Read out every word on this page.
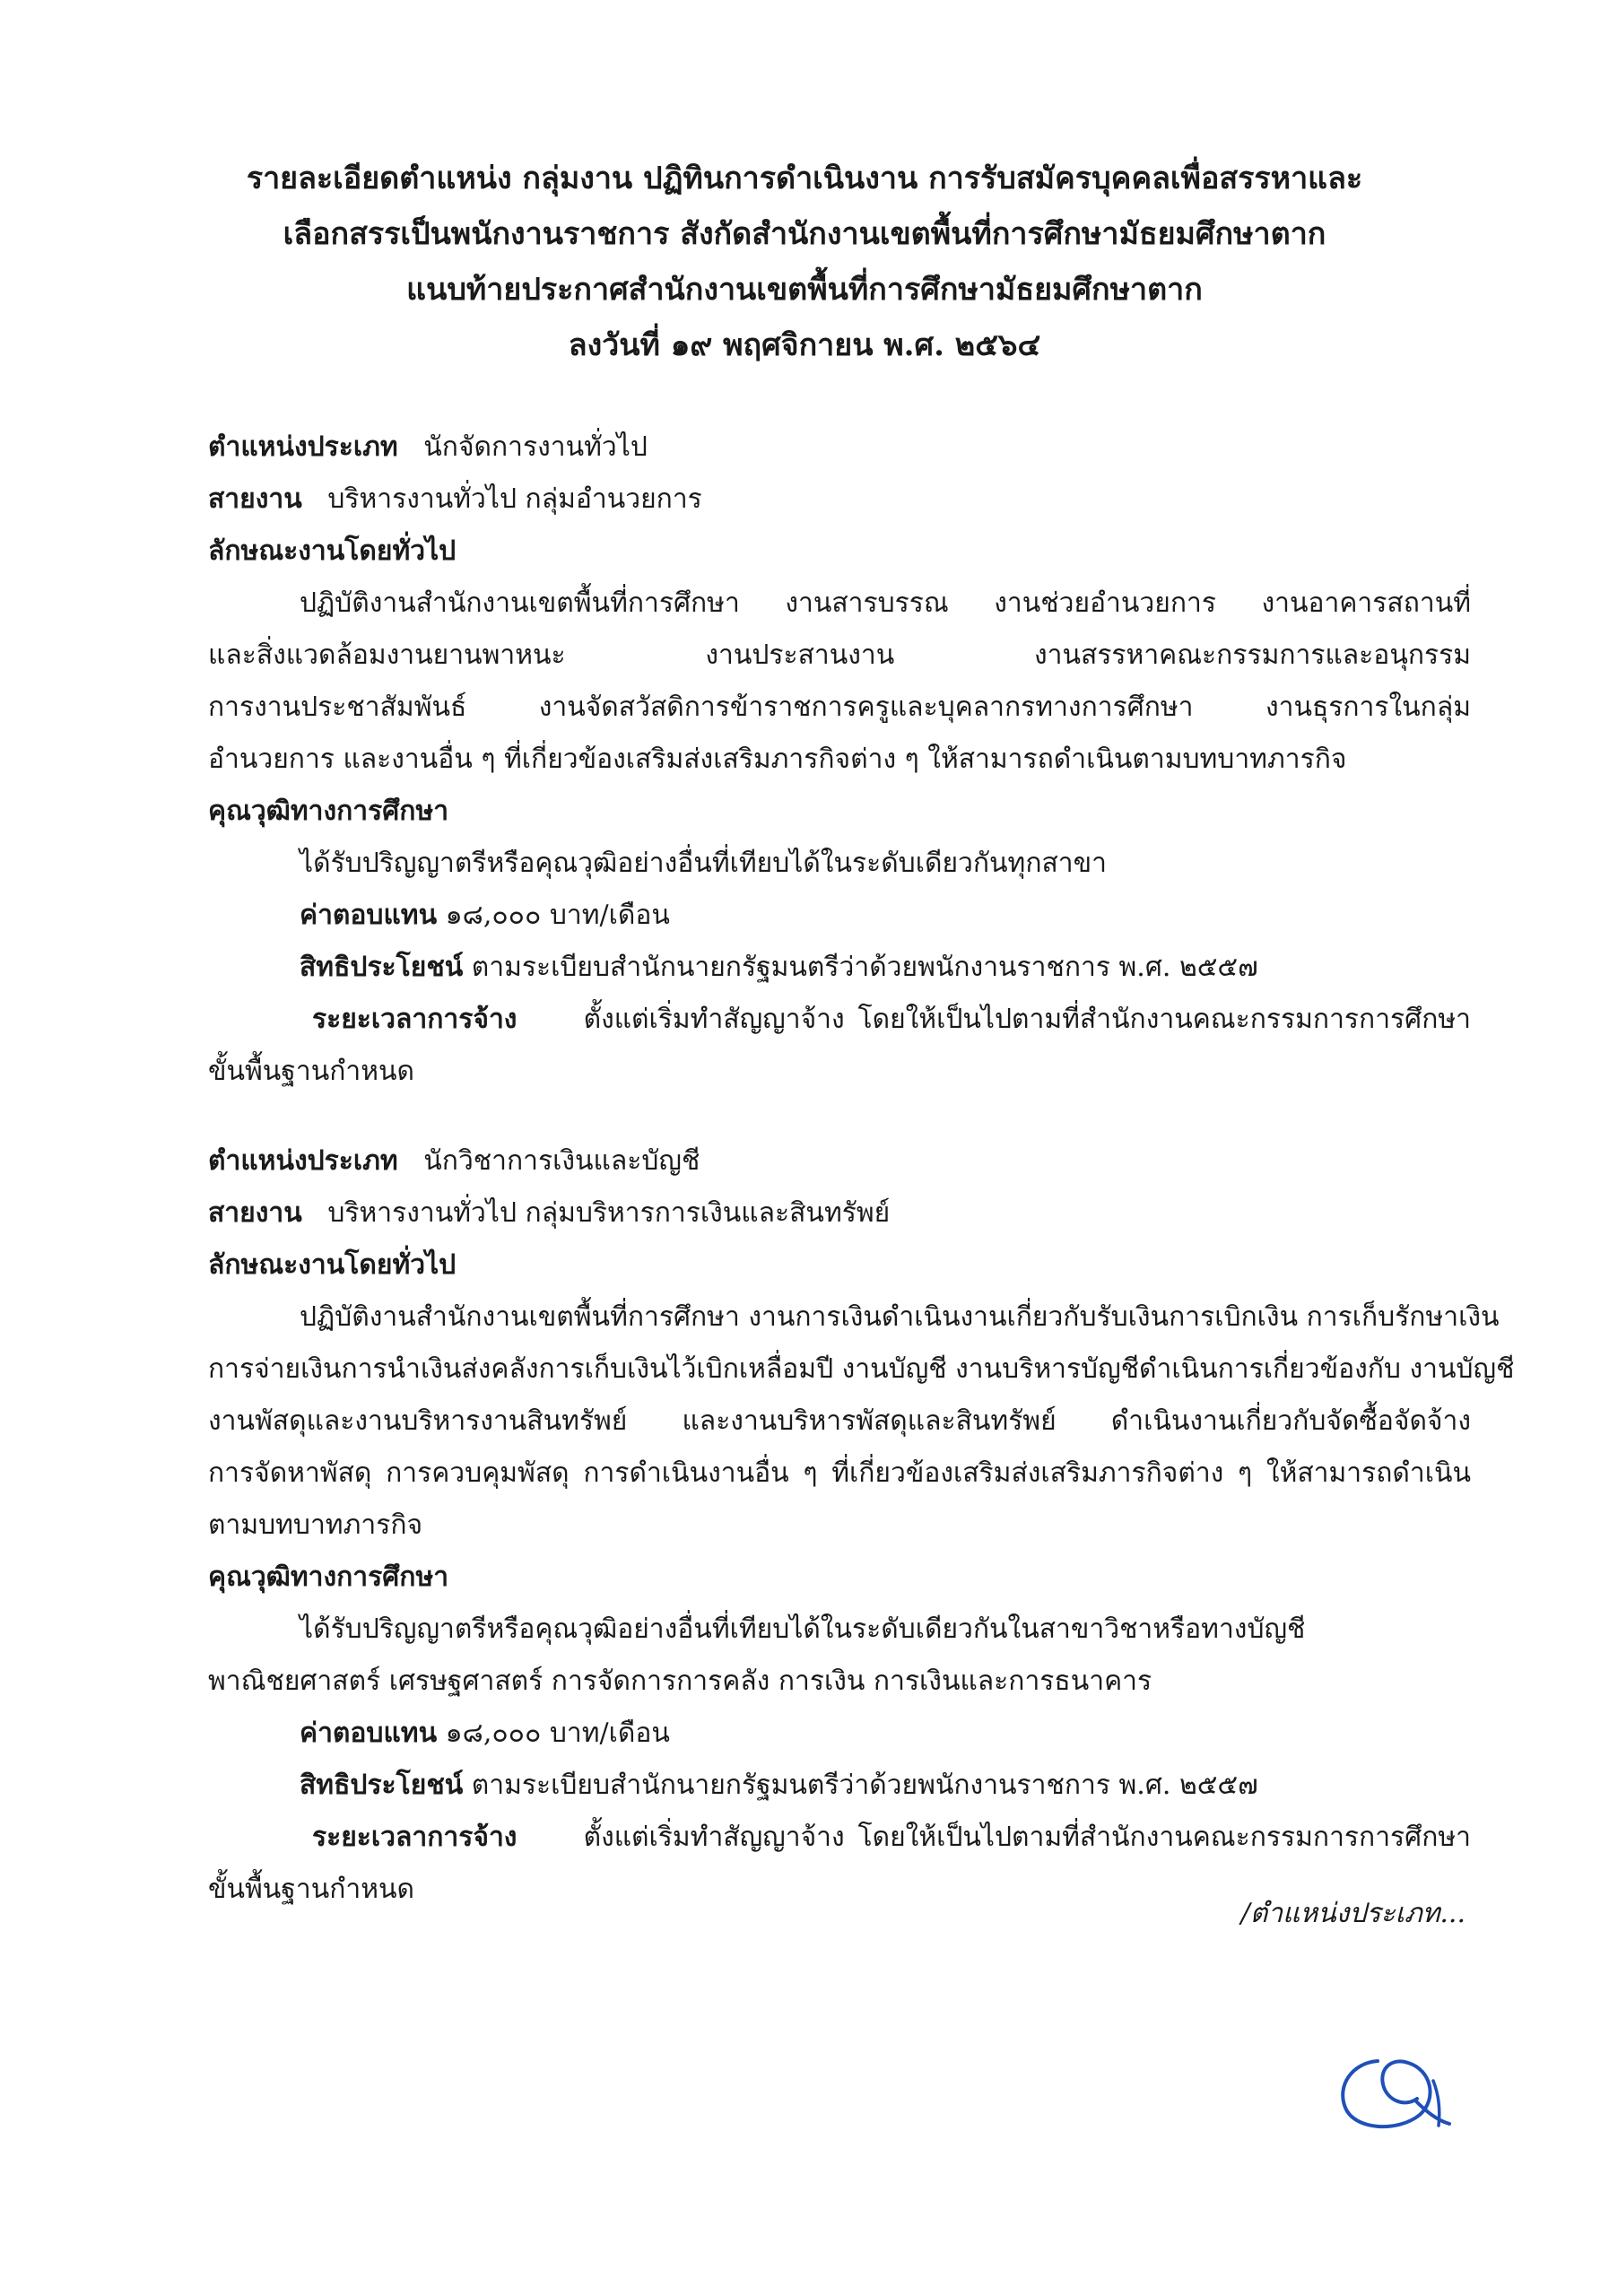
รายละเอียดตำแหน่ง กลุ่มงาน ปฏิทินการดำเนินงาน การรับสมัครบุคคลเพื่อสรรหาและ
เลือกสรรเป็นพนักงานราชการ สังกัดสำนักงานเขตพื้นที่การศึกษามัธยมศึกษาตาก
แนบท้ายประกาศสำนักงานเขตพื้นที่การศึกษามัธยมศึกษาตาก
ลงวันที่ ๑๙ พฤศจิกายน พ.ศ. ๒๕๖๔
ตำแหน่งประเภท นักจัดการงานทั่วไป
สายงาน บริหารงานทั่วไป กลุ่มอำนวยการ
ลักษณะงานโดยทั่วไป
ปฏิบัติงานสำนักงานเขตพื้นที่การศึกษา งานสารบรรณ งานช่วยอำนวยการ งานอาคารสถานที่
และสิ่งแวดล้อมงานยานพาหนะ งานประสานงาน งานสรรหาคณะกรรมการและอนุกรรม
การงานประชาสัมพันธ์ งานจัดสวัสดิการข้าราชการครูและบุคลากรทางการศึกษา งานธุรการในกลุ่ม
อำนวยการ และงานอื่น ๆ ที่เกี่ยวข้องเสริมส่งเสริมภารกิจต่าง ๆ ให้สามารถดำเนินตามบทบาทภารกิจ
คุณวุฒิทางการศึกษา
ได้รับปริญญาตรีหรือคุณวุฒิอย่างอื่นที่เทียบได้ในระดับเดียวกันทุกสาขา
ค่าตอบแทน ๑๘,๐๐๐ บาท/เดือน
สิทธิประโยชน์ ตามระเบียบสำนักนายกรัฐมนตรีว่าด้วยพนักงานราชการ พ.ศ. ๒๕๕๗
ระยะเวลาการจ้าง ตั้งแต่เริ่มทำสัญญาจ้าง โดยให้เป็นไปตามที่สำนักงานคณะกรรมการการศึกษา
ขั้นพื้นฐานกำหนด
ตำแหน่งประเภท นักวิชาการเงินและบัญชี
สายงาน บริหารงานทั่วไป กลุ่มบริหารการเงินและสินทรัพย์
ลักษณะงานโดยทั่วไป
ปฏิบัติงานสำนักงานเขตพื้นที่การศึกษา งานการเงินดำเนินงานเกี่ยวกับรับเงินการเบิกเงิน การเก็บรักษาเงิน
การจ่ายเงินการนำเงินส่งคลังการเก็บเงินไว้เบิกเหลื่อมปี งานบัญชี งานบริหารบัญชีดำเนินการเกี่ยวข้องกับ งานบัญชี
งานพัสดุและงานบริหารงานสินทรัพย์ และงานบริหารพัสดุและสินทรัพย์ ดำเนินงานเกี่ยวกับจัดซื้อจัดจ้าง
การจัดหาพัสดุ การควบคุมพัสดุ การดำเนินงานอื่น ๆ ที่เกี่ยวข้องเสริมส่งเสริมภารกิจต่าง ๆ ให้สามารถดำเนิน
ตามบทบาทภารกิจ
คุณวุฒิทางการศึกษา
ได้รับปริญญาตรีหรือคุณวุฒิอย่างอื่นที่เทียบได้ในระดับเดียวกันในสาขาวิชาหรือทางบัญชี
พาณิชยศาสตร์ เศรษฐศาสตร์ การจัดการการคลัง การเงิน การเงินและการธนาคาร
ค่าตอบแทน ๑๘,๐๐๐ บาท/เดือน
สิทธิประโยชน์ ตามระเบียบสำนักนายกรัฐมนตรีว่าด้วยพนักงานราชการ พ.ศ. ๒๕๕๗
ระยะเวลาการจ้าง ตั้งแต่เริ่มทำสัญญาจ้าง โดยให้เป็นไปตามที่สำนักงานคณะกรรมการการศึกษา
ขั้นพื้นฐานกำหนด
/ตำแหน่งประเภท...
